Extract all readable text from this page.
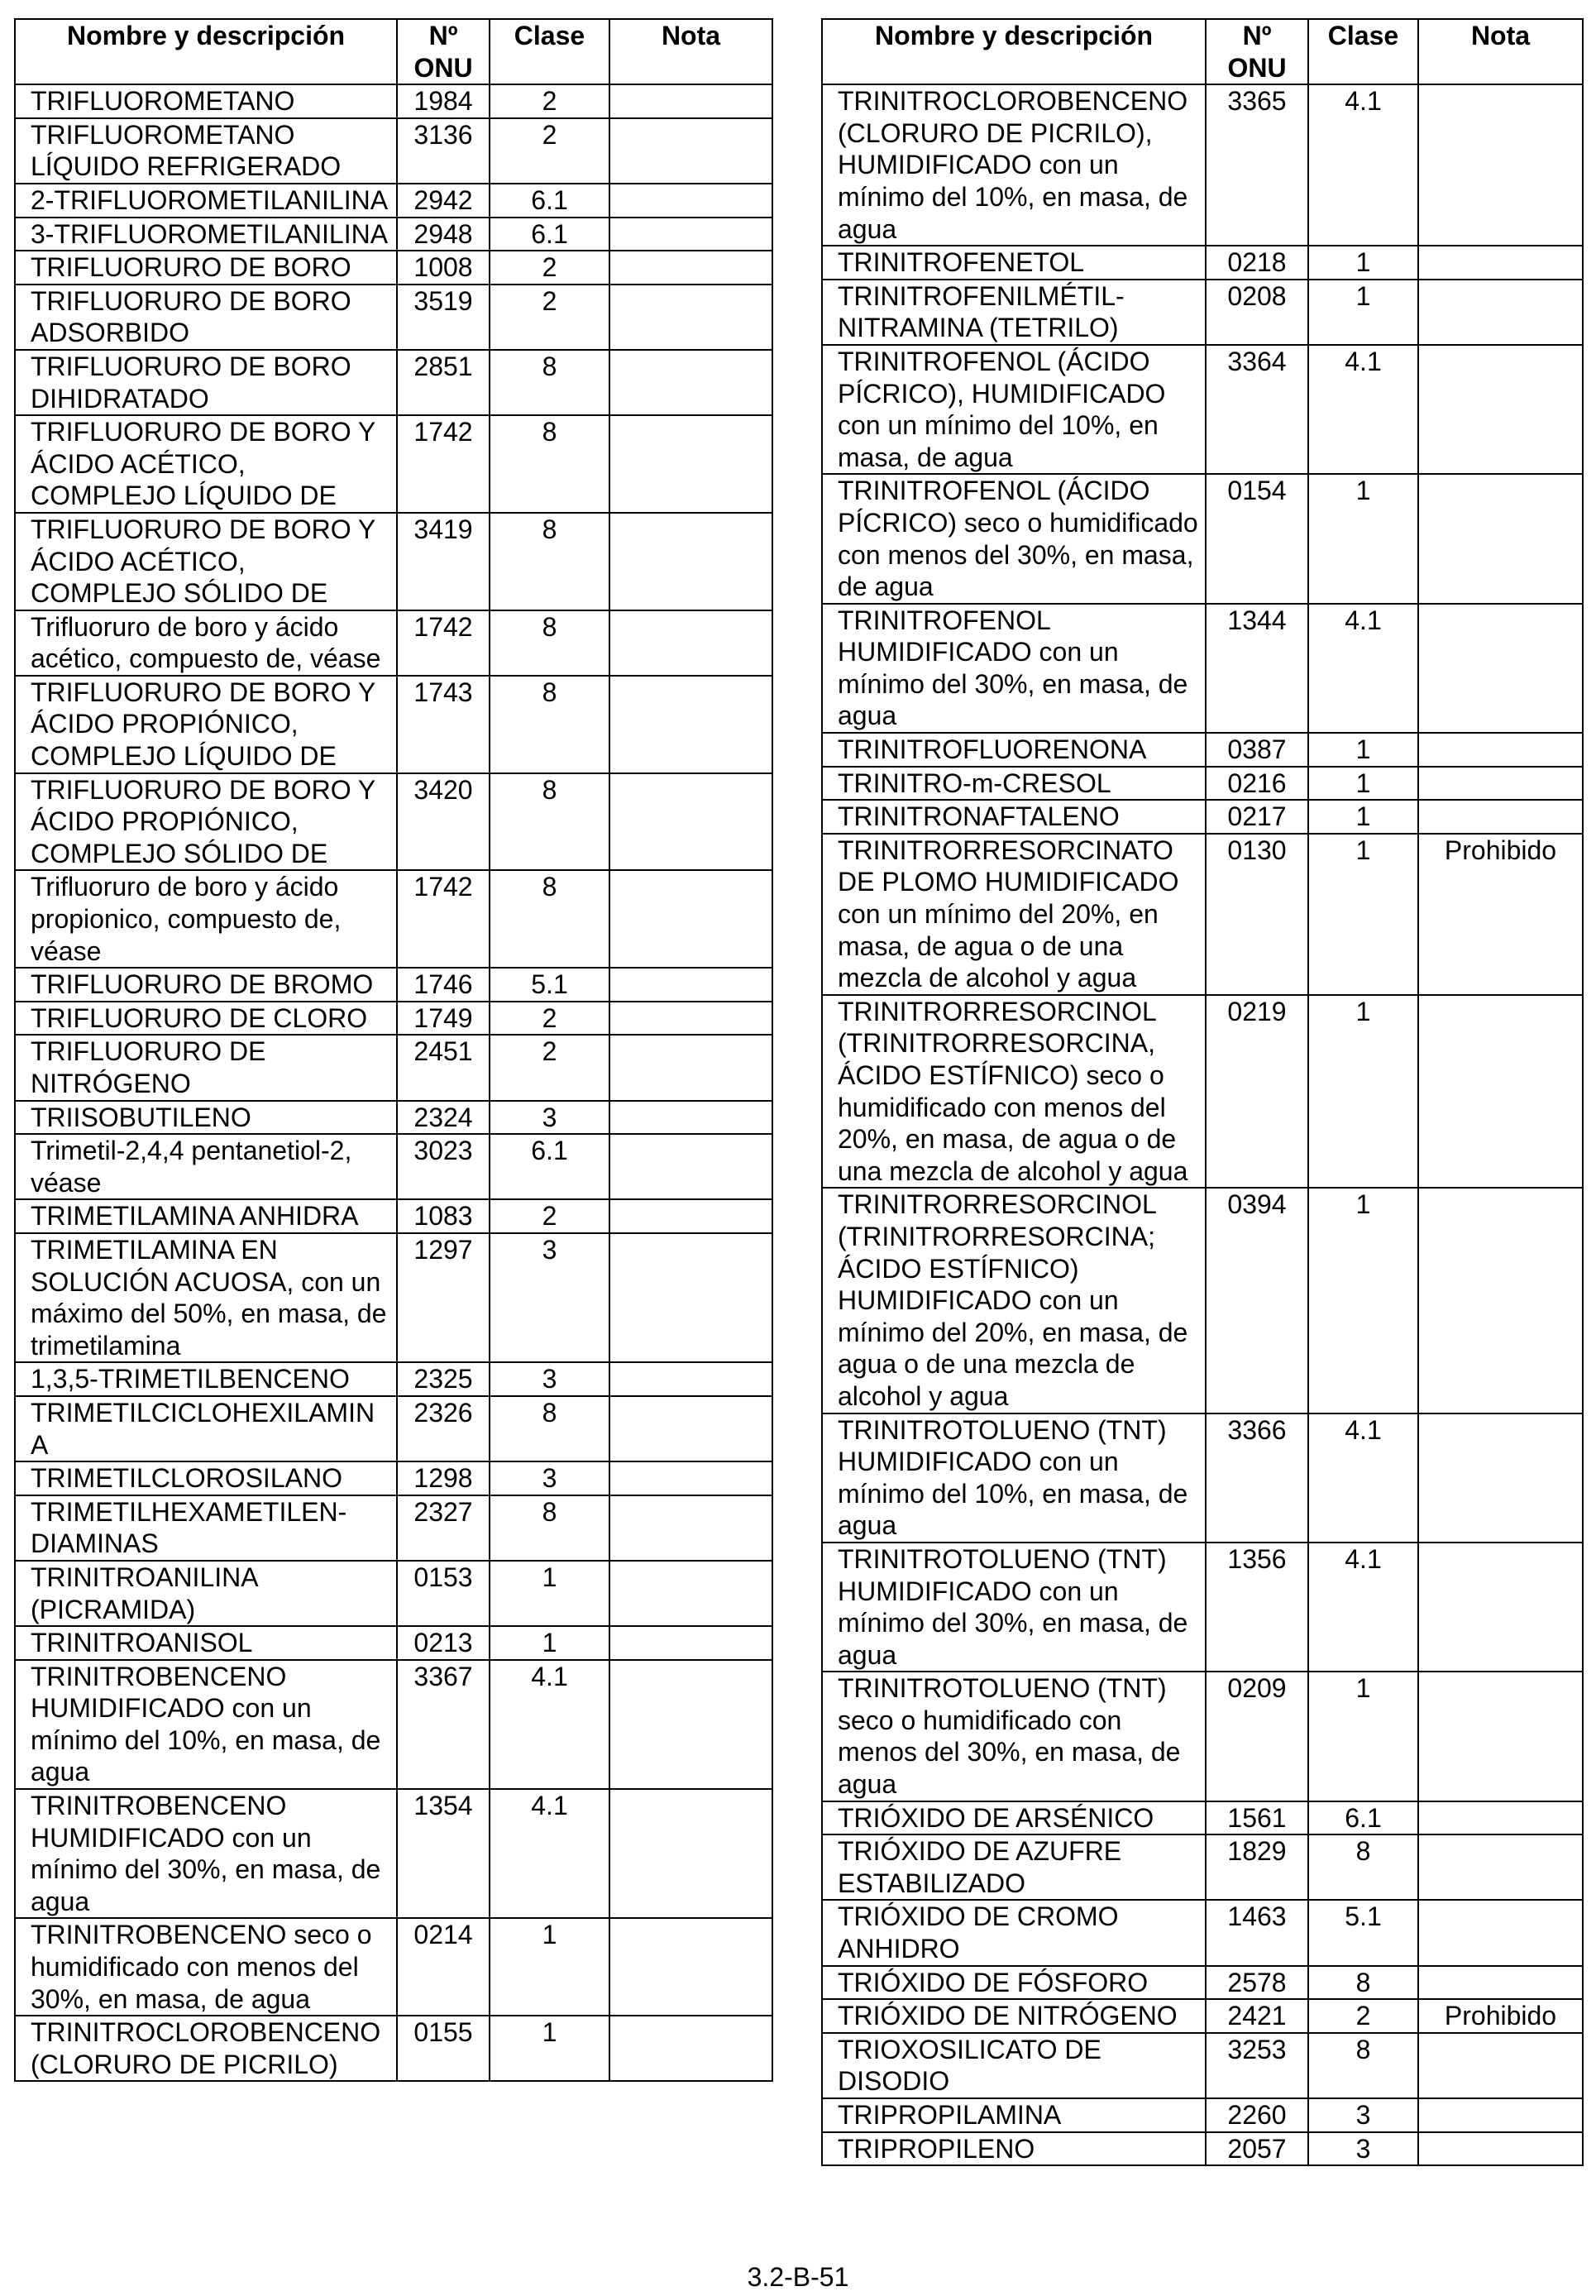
Nombre y descripción	Nº ONU	Clase	Nota
TRIFLUOROMETANO	1984	2	
TRIFLUOROMETANO LÍQUIDO REFRIGERADO	3136	2	
2-TRIFLUOROMETILANILINA	2942	6.1	
3-TRIFLUOROMETILANILINA	2948	6.1	
TRIFLUORURO DE BORO	1008	2	
TRIFLUORURO DE BORO ADSORBIDO	3519	2	
TRIFLUORURO DE BORO DIHIDRATADO	2851	8	
TRIFLUORURO DE BORO Y ÁCIDO ACÉTICO, COMPLEJO LÍQUIDO DE	1742	8	
TRIFLUORURO DE BORO Y ÁCIDO ACÉTICO, COMPLEJO SÓLIDO DE	3419	8	
Trifluoruro de boro y ácido acético, compuesto de, véase	1742	8	
TRIFLUORURO DE BORO Y ÁCIDO PROPIÓNICO, COMPLEJO LÍQUIDO DE	1743	8	
TRIFLUORURO DE BORO Y ÁCIDO PROPIÓNICO, COMPLEJO SÓLIDO DE	3420	8	
Trifluoruro de boro y ácido propionico, compuesto de, véase	1742	8	
TRIFLUORURO DE BROMO	1746	5.1	
TRIFLUORURO DE CLORO	1749	2	
TRIFLUORURO DE NITRÓGENO	2451	2	
TRIISOBUTILENO	2324	3	
Trimetil-2,4,4 pentanetiol-2, véase	3023	6.1	
TRIMETILAMINA ANHIDRA	1083	2	
TRIMETILAMINA EN SOLUCIÓN ACUOSA, con un máximo del 50%, en masa, de trimetilamina	1297	3	
1,3,5-TRIMETILBENCENO	2325	3	
TRIMETILCICLOHEXILAMINA	2326	8	
TRIMETILCLOROSILANO	1298	3	
TRIMETILHEXAMETILEN-DIAMINAS	2327	8	
TRINITROANILINA (PICRAMIDA)	0153	1	
TRINITROANISOL	0213	1	
TRINITROBENCENO HUMIDIFICADO con un mínimo del 10%, en masa, de agua	3367	4.1	
TRINITROBENCENO HUMIDIFICADO con un mínimo del 30%, en masa, de agua	1354	4.1	
TRINITROBENCENO seco o humidificado con menos del 30%, en masa, de agua	0214	1	
TRINITROCLOROBENCENO (CLORURO DE PICRILO)	0155	1	
Nombre y descripción	Nº ONU	Clase	Nota
TRINITROCLOROBENCENO (CLORURO DE PICRILO), HUMIDIFICADO con un mínimo del 10%, en masa, de agua	3365	4.1	
TRINITROFENETOL	0218	1	
TRINITROFENILMÉTIL-NITRAMINA (TETRILO)	0208	1	
TRINITROFENOL (ÁCIDO PÍCRICO), HUMIDIFICADO con un mínimo del 10%, en masa, de agua	3364	4.1	
TRINITROFENOL (ÁCIDO PÍCRICO) seco o humidificado con menos del 30%, en masa, de agua	0154	1	
TRINITROFENOL HUMIDIFICADO con un mínimo del 30%, en masa, de agua	1344	4.1	
TRINITROFLUORENONA	0387	1	
TRINITRO-m-CRESOL	0216	1	
TRINITRONAFTALENO	0217	1	
TRINITRORRESORCINATO DE PLOMO HUMIDIFICADO con un mínimo del 20%, en masa, de agua o de una mezcla de alcohol y agua	0130	1	Prohibido
TRINITRORRESORCINOL (TRINITRORRESORCINA, ÁCIDO ESTÍFNICO) seco o humidificado con menos del 20%, en masa, de agua o de una mezcla de alcohol y agua	0219	1	
TRINITRORRESORCINOL (TRINITRORRESORCINA; ÁCIDO ESTÍFNICO) HUMIDIFICADO con un mínimo del 20%, en masa, de agua o de una mezcla de alcohol y agua	0394	1	
TRINITROTOLUENO (TNT) HUMIDIFICADO con un mínimo del 10%, en masa, de agua	3366	4.1	
TRINITROTOLUENO (TNT) HUMIDIFICADO con un mínimo del 30%, en masa, de agua	1356	4.1	
TRINITROTOLUENO (TNT) seco o humidificado con menos del 30%, en masa, de agua	0209	1	
TRIÓXIDO DE ARSÉNICO	1561	6.1	
TRIÓXIDO DE AZUFRE ESTABILIZADO	1829	8	
TRIÓXIDO DE CROMO ANHIDRO	1463	5.1	
TRIÓXIDO DE FÓSFORO	2578	8	
TRIÓXIDO DE NITRÓGENO	2421	2	Prohibido
TRIOXOSILICATO DE DISODIO	3253	8	
TRIPROPILAMINA	2260	3	
TRIPROPILENO	2057	3	
3.2-B-51
